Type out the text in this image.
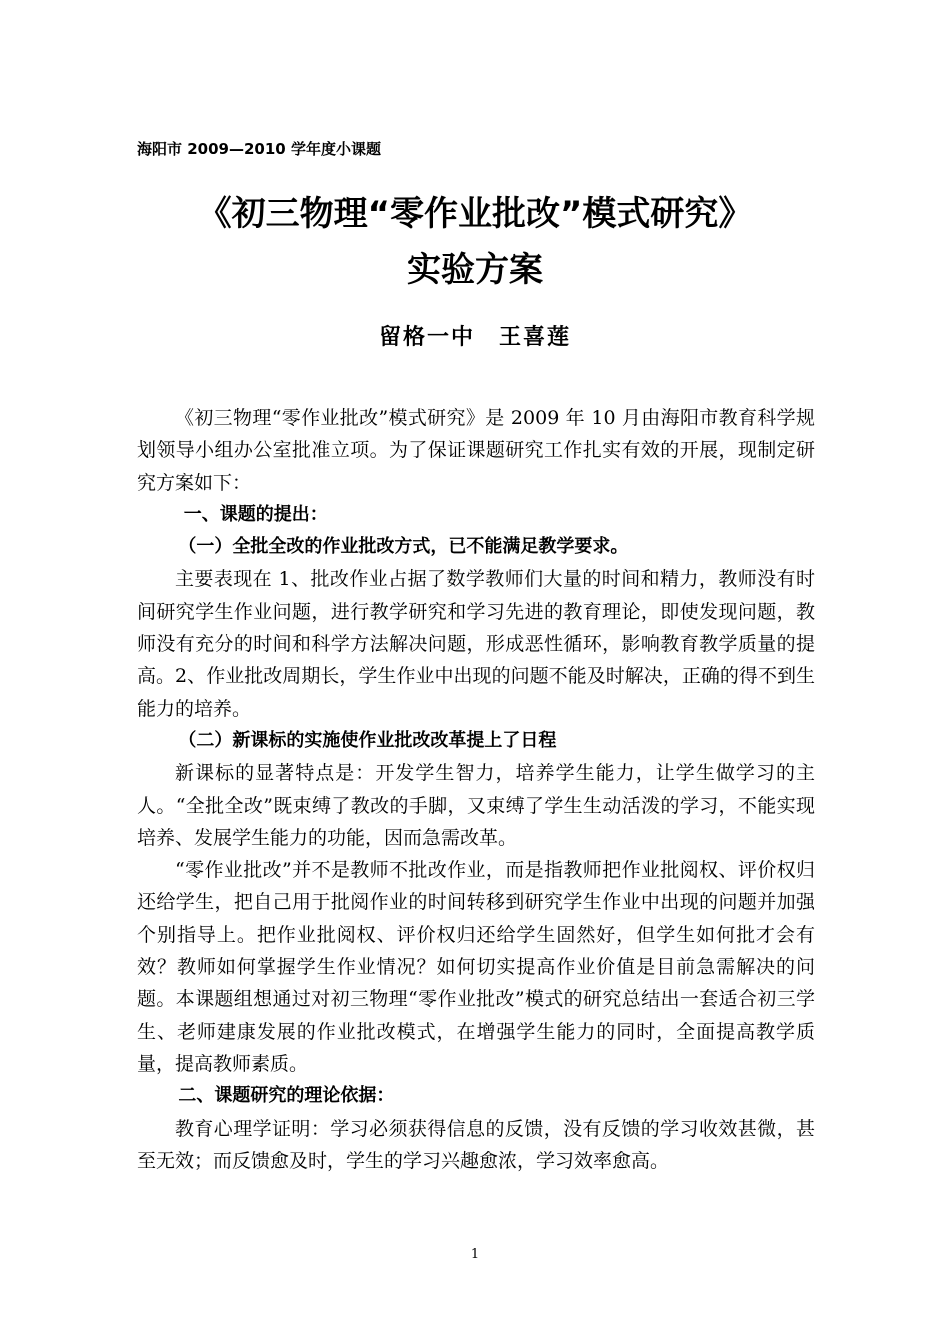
海阳市 2009—2010 学年度小课题
《初三物理“零作业批改”模式研究》
实验方案
留格一中　王喜莲

《初三物理“零作业批改”模式研究》是 2009 年 10 月由海阳市教育科学规划领导小组办公室批准立项。为了保证课题研究工作扎实有效的开展，现制定研究方案如下：

一、课题的提出：

（一）全批全改的作业批改方式，已不能满足教学要求。

主要表现在 1、批改作业占据了数学教师们大量的时间和精力，教师没有时间研究学生作业问题，进行教学研究和学习先进的教育理论，即使发现问题，教师没有充分的时间和科学方法解决问题，形成恶性循环，影响教育教学质量的提高。2、作业批改周期长，学生作业中出现的问题不能及时解决，正确的得不到生能力的培养。

（二）新课标的实施使作业批改改革提上了日程

新课标的显著特点是：开发学生智力，培养学生能力，让学生做学习的主人。“全批全改”既束缚了教改的手脚，又束缚了学生生动活泼的学习，不能实现培养、发展学生能力的功能，因而急需改革。

“零作业批改”并不是教师不批改作业，而是指教师把作业批阅权、评价权归还给学生，把自己用于批阅作业的时间转移到研究学生作业中出现的问题并加强个别指导上。把作业批阅权、评价权归还给学生固然好，但学生如何批才会有效？教师如何掌握学生作业情况？如何切实提高作业价值是目前急需解决的问题。本课题组想通过对初三物理“零作业批改”模式的研究总结出一套适合初三学生、老师建康发展的作业批改模式，在增强学生能力的同时，全面提高教学质量，提高教师素质。

二、课题研究的理论依据：

教育心理学证明：学习必须获得信息的反馈，没有反馈的学习收效甚微，甚至无效；而反馈愈及时，学生的学习兴趣愈浓，学习效率愈高。

1
